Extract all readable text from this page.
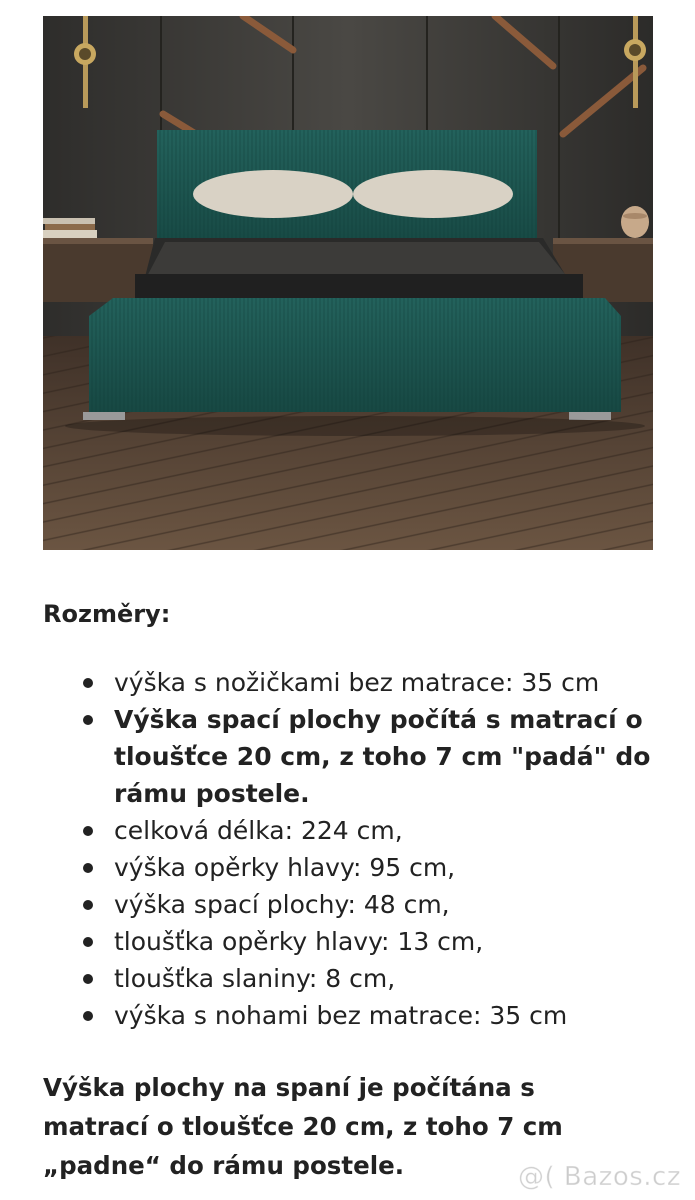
Rozměry:
výška s nožičkami bez matrace: 35 cm
Výška spací plochy počítá s matrací o tloušťce 20 cm, z toho 7 cm "padá" do rámu postele.
celková délka: 224 cm,
výška opěrky hlavy: 95 cm,
výška spací plochy: 48 cm,
tloušťka opěrky hlavy: 13 cm,
tloušťka slaniny: 8 cm,
výška s nohami bez matrace: 35 cm

Výška plochy na spaní je počítána s matrací o tloušťce 20 cm, z toho 7 cm „padne“ do rámu postele.	@( Bazos.cz
